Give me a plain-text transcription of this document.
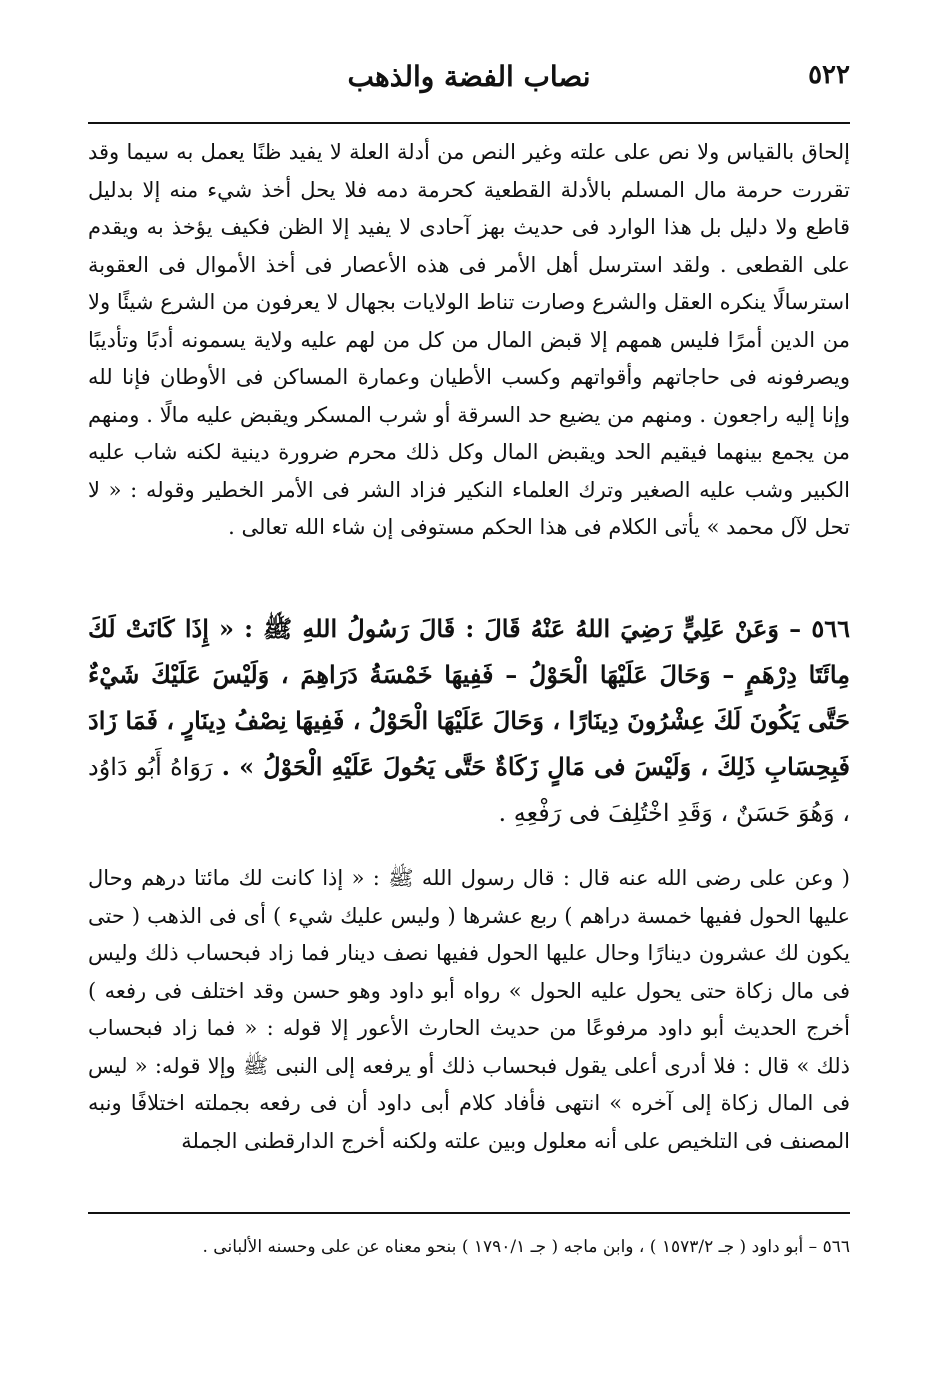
٥٢٢
نصاب الفضة والذهب

إلحاق بالقياس ولا نص على علته وغير النص من أدلة العلة لا يفيد ظنًا يعمل به سيما وقد تقررت حرمة مال المسلم بالأدلة القطعية كحرمة دمه فلا يحل أخذ شيء منه إلا بدليل قاطع ولا دليل بل هذا الوارد فى حديث بهز آحادى لا يفيد إلا الظن فكيف يؤخذ به ويقدم على القطعى . ولقد استرسل أهل الأمر فى هذه الأعصار فى أخذ الأموال فى العقوبة استرسالًا ينكره العقل والشرع وصارت تناط الولايات بجهال لا يعرفون من الشرع شيئًا ولا من الدين أمرًا فليس همهم إلا قبض المال من كل من لهم عليه ولاية يسمونه أدبًا وتأديبًا ويصرفونه فى حاجاتهم وأقواتهم وكسب الأطيان وعمارة المساكن فى الأوطان فإنا لله وإنا إليه راجعون . ومنهم من يضيع حد السرقة أو شرب المسكر ويقبض عليه مالًا . ومنهم من يجمع بينهما فيقيم الحد ويقبض المال وكل ذلك محرم ضرورة دينية لكنه شاب عليه الكبير وشب عليه الصغير وترك العلماء النكير فزاد الشر فى الأمر الخطير وقوله : « لا تحل لآل محمد » يأتى الكلام فى هذا الحكم مستوفى إن شاء الله تعالى .

٥٦٦ – وَعَنْ عَلِيٍّ رَضِيَ اللهُ عَنْهُ قَالَ : قَالَ رَسُولُ اللهِ ﷺ : « إِذَا كَانَتْ لَكَ مِائَتَا دِرْهَمٍ – وَحَالَ عَلَيْهَا الْحَوْلُ – فَفِيهَا خَمْسَةُ دَرَاهِمَ ، وَلَيْسَ عَلَيْكَ شَيْءٌ حَتَّى يَكُونَ لَكَ عِشْرُونَ دِينَارًا ، وَحَالَ عَلَيْهَا الْحَوْلُ ، فَفِيهَا نِصْفُ دِينَارٍ ، فَمَا زَادَ فَبِحِسَابِ ذَلِكَ ، وَلَيْسَ فى مَالٍ زَكَاةٌ حَتَّى يَحُولَ عَلَيْهِ الْحَوْلُ » . رَوَاهُ أَبُو دَاوُد ، وَهُوَ حَسَنٌ ، وَقَدِ اخْتُلِفَ فى رَفْعِهِ .

( وعن على رضى الله عنه قال : قال رسول الله ﷺ : « إذا كانت لك مائتا درهم وحال عليها الحول ففيها خمسة دراهم ) ربع عشرها ( وليس عليك شيء ) أى فى الذهب ( حتى يكون لك عشرون دينارًا وحال عليها الحول ففيها نصف دينار فما زاد فبحساب ذلك وليس فى مال زكاة حتى يحول عليه الحول » رواه أبو داود وهو حسن وقد اختلف فى رفعه ) أخرج الحديث أبو داود مرفوعًا من حديث الحارث الأعور إلا قوله : « فما زاد فبحساب ذلك » قال : فلا أدرى أعلى يقول فبحساب ذلك أو يرفعه إلى النبى ﷺ وإلا قوله: « ليس فى المال زكاة إلى آخره » انتهى فأفاد كلام أبى داود أن فى رفعه بجملته اختلافًا ونبه المصنف فى التلخيص على أنه معلول وبين علته ولكنه أخرج الدارقطنى الجملة

٥٦٦ – أبو داود ( جـ ١٥٧٣/٢ ) ، وابن ماجه ( جـ ١٧٩٠/١ ) بنحو معناه عن على وحسنه الألبانى .
